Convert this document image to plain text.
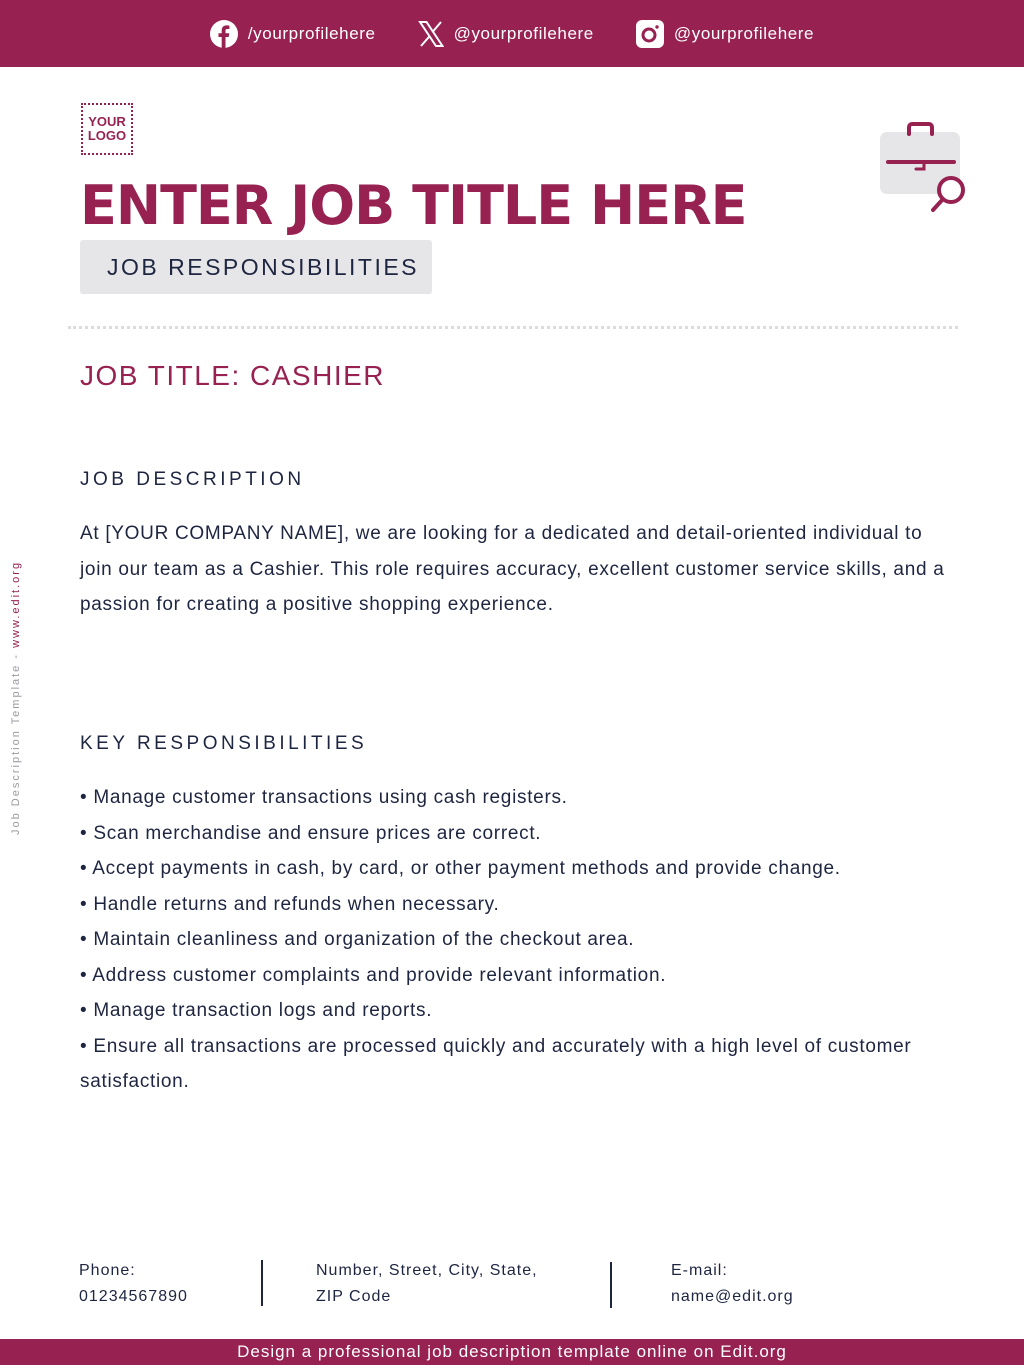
/yourprofilehere	@yourprofilehere	@yourprofilehere
YOUR
LOGO
ENTER JOB TITLE HERE
JOB RESPONSIBILITIES
JOB TITLE: CASHIER
JOB DESCRIPTION

At [YOUR COMPANY NAME], we are looking for a dedicated and detail-oriented individual to join our team as a Cashier. This role requires accuracy, excellent customer service skills, and a passion for creating a positive shopping experience.

KEY RESPONSIBILITIES
• Manage customer transactions using cash registers.
• Scan merchandise and ensure prices are correct.
• Accept payments in cash, by card, or other payment methods and provide change.
• Handle returns and refunds when necessary.
• Maintain cleanliness and organization of the checkout area.
• Address customer complaints and provide relevant information.
• Manage transaction logs and reports.
• Ensure all transactions are processed quickly and accurately with a high level of customer satisfaction.
Job Description Template - www.edit.org
Phone:
01234567890
Number, Street, City, State,
ZIP Code
E-mail:
name@edit.org
Design a professional job description template online on Edit.org
